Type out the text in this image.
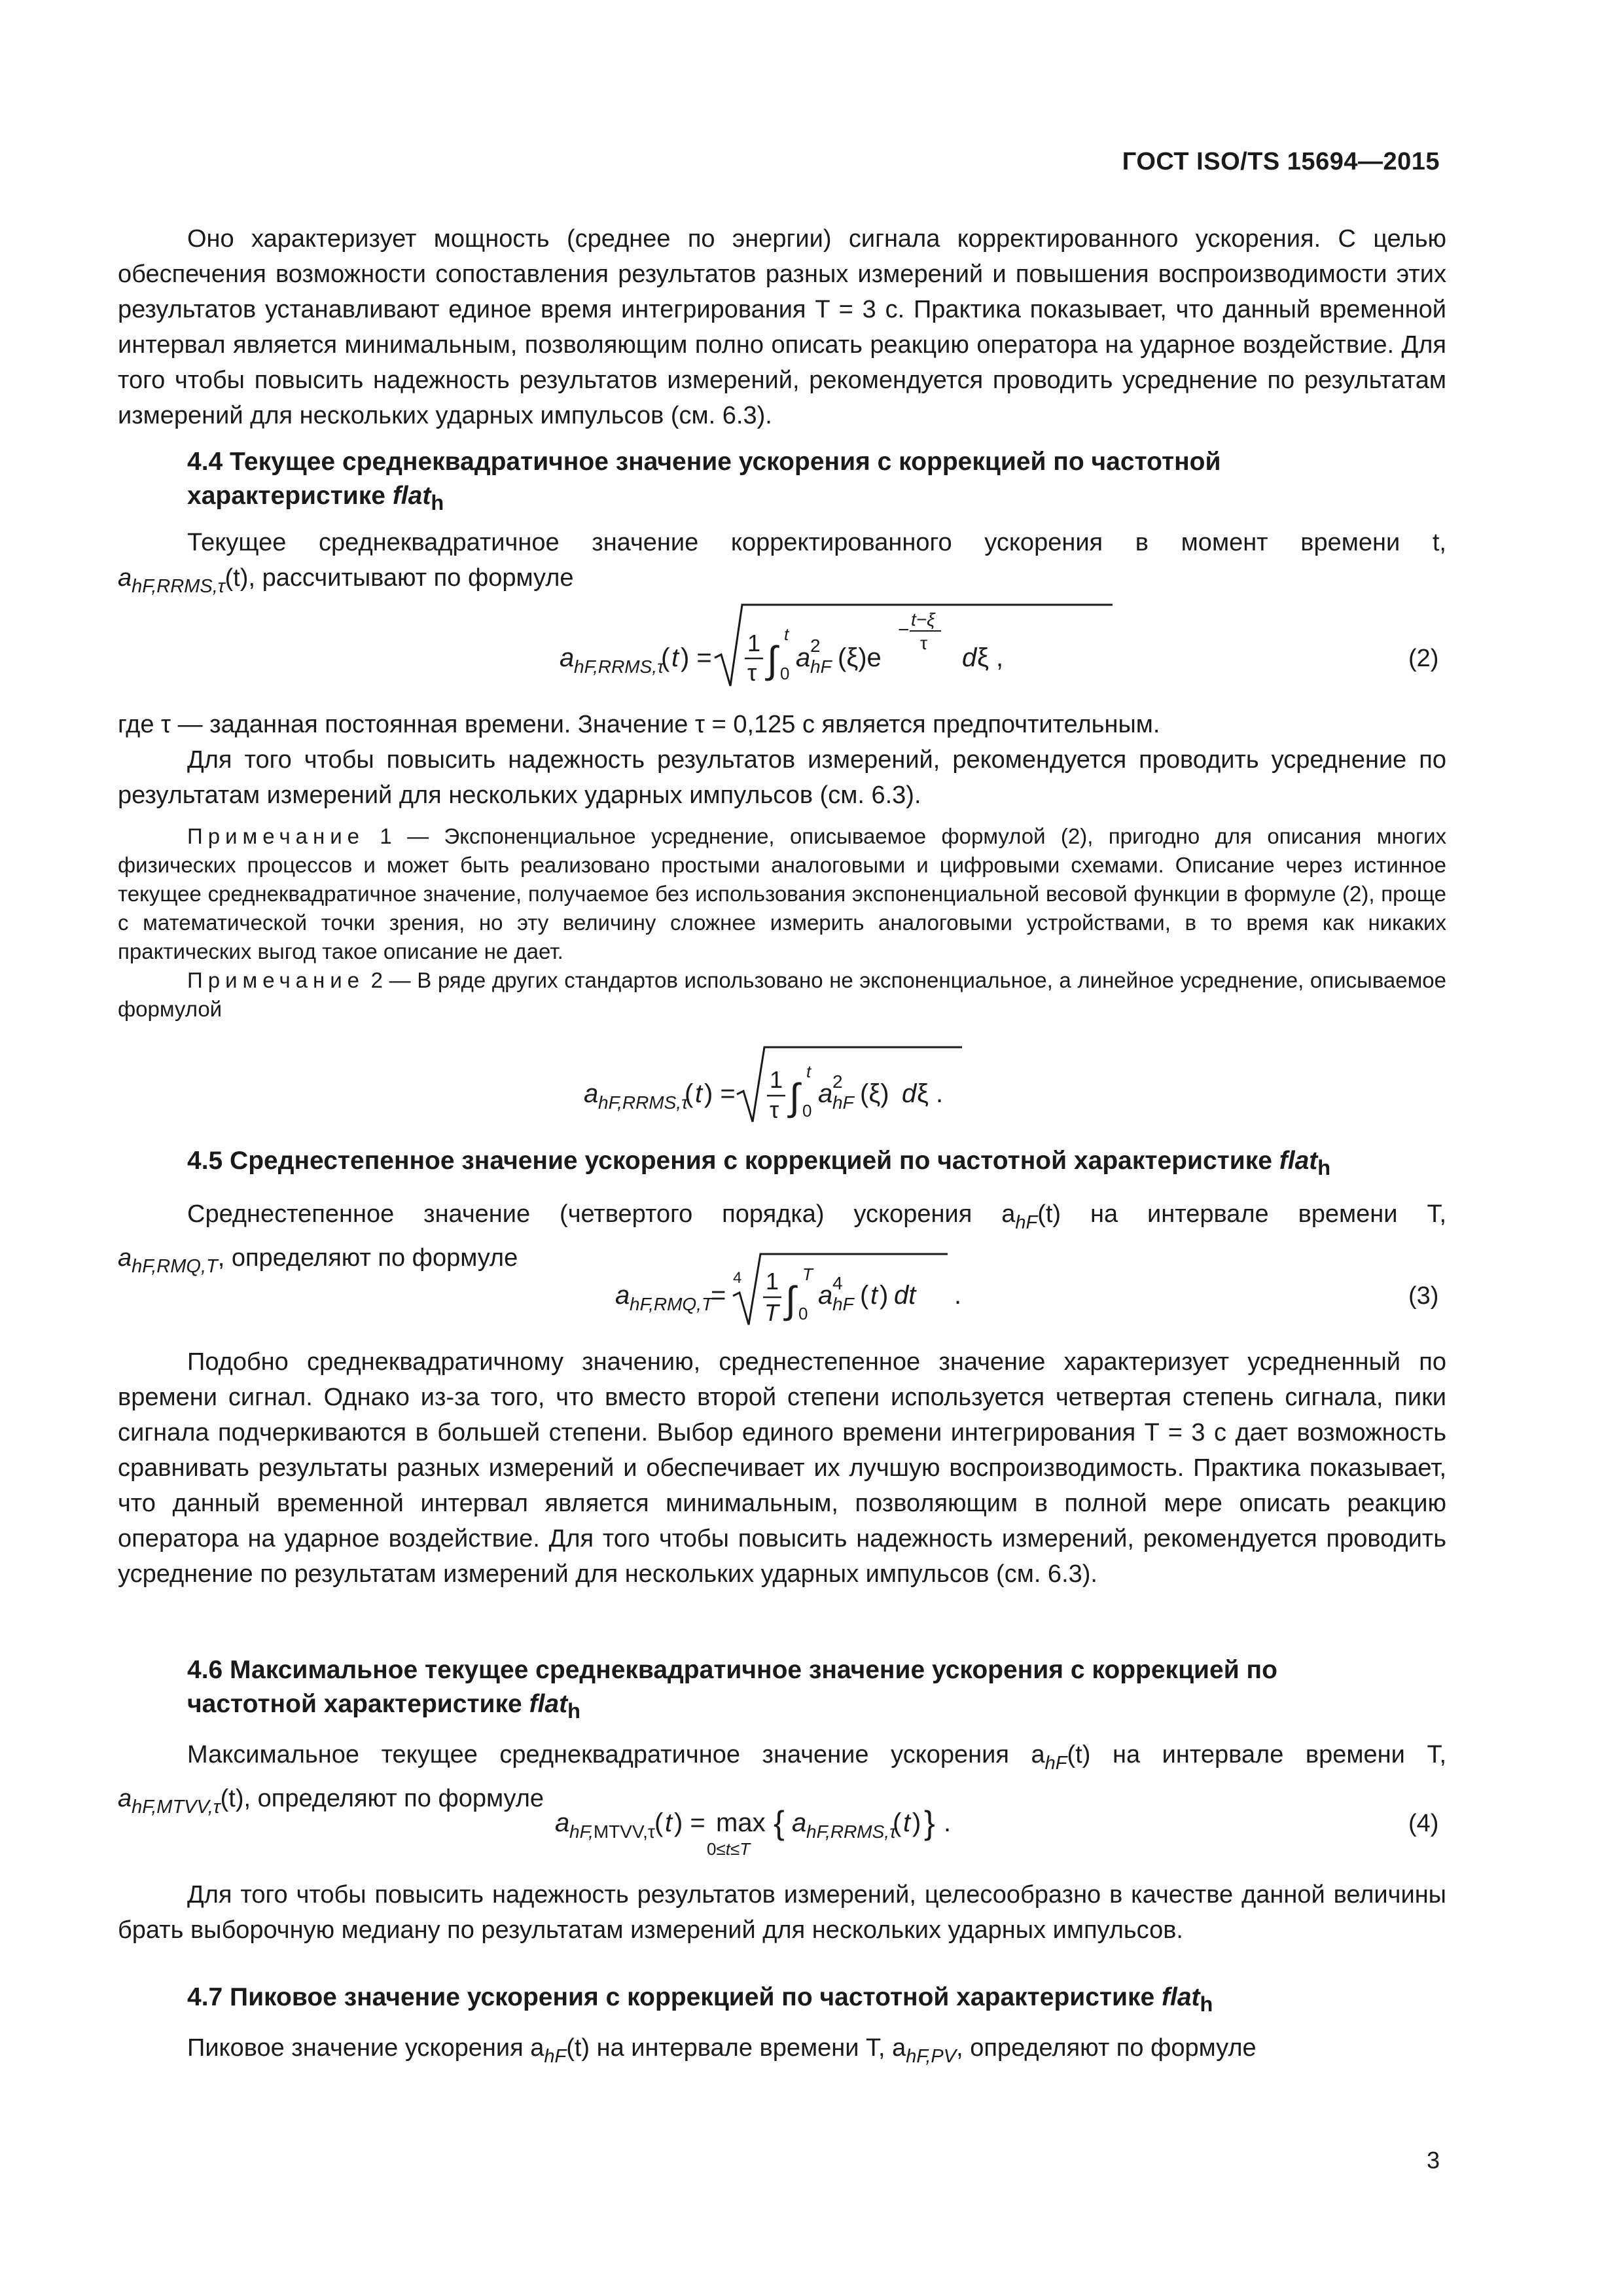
ГОСТ ISO/TS 15694—2015

Оно характеризует мощность (среднее по энергии) сигнала корректированного ускорения. С целью обеспечения возможности сопоставления результатов разных измерений и повышения воспроизводимости этих результатов устанавливают единое время интегрирования T = 3 с. Практика показывает, что данный временной интервал является минимальным, позволяющим полно описать реакцию оператора на ударное воздействие. Для того чтобы повысить надежность результатов измерений, рекомендуется проводить усреднение по результатам измерений для нескольких ударных импульсов (см. 6.3).

4.4 Текущее среднеквадратичное значение ускорения с коррекцией по частотной
характеристике flat$_h$

Текущее среднеквадратичное значение корректированного ускорения в момент времени t,

$a_{hF,RRMS,\tau}(t)$, рассчитывают по формуле

a hF,RRMS,τ
( t ) =
1
τ ∫
t
0
a 2
hF (ξ)e
− t−ξ
τ
d ξ ,	(2)

где τ — заданная постоянная времени. Значение τ = 0,125 с является предпочтительным.

Для того чтобы повысить надежность результатов измерений, рекомендуется проводить усреднение по результатам измерений для нескольких ударных импульсов (см. 6.3).

Примечание 1 — Экспоненциальное усреднение, описываемое формулой (2), пригодно для описания многих физических процессов и может быть реализовано простыми аналоговыми и цифровыми схемами. Описание через истинное текущее среднеквадратичное значение, получаемое без использования экспоненциальной весовой функции в формуле (2), проще с математической точки зрения, но эту величину сложнее измерить аналоговыми устройствами, в то время как никаких практических выгод такое описание не дает.

Примечание 2 — В ряде других стандартов использовано не экспоненциальное, а линейное усреднение, описываемое формулой

a hF,RRMS,τ
( t ) = 1
τ ∫
t
0
a 2
hF (ξ) d ξ .
4.5 Среднестепенное значение ускорения с коррекцией по частотной характеристике flat$_h$

Среднестепенное значение (четвертого порядка) ускорения $a_{hF}(t)$ на интервале времени T,

$a_{hF,RMQ,T}$, определяют по формуле

a hF,RMQ,T
=
4 1
T ∫
T
0
a 4
hF ( t ) dt .	(3)

Подобно среднеквадратичному значению, среднестепенное значение характеризует усредненный по времени сигнал. Однако из-за того, что вместо второй степени используется четвертая степень сигнала, пики сигнала подчеркиваются в большей степени. Выбор единого времени интегрирования T = 3 с дает возможность сравнивать результаты разных измерений и обеспечивает их лучшую воспроизводимость. Практика показывает, что данный временной интервал является минимальным, позволяющим в полной мере описать реакцию оператора на ударное воздействие. Для того чтобы повысить надежность измерений, рекомендуется проводить усреднение по результатам измерений для нескольких ударных импульсов (см. 6.3).

4.6 Максимальное текущее среднеквадратичное значение ускорения с коррекцией по
частотной характеристике flat$_h$

Максимальное текущее среднеквадратичное значение ускорения $a_{hF}(t)$ на интервале времени T,

$a_{hF,MTVV,\tau}(t)$, определяют по формуле

a hF,MTVV,τ ( t ) = max
0≤t≤T
{ a hF,RRMS,τ
( t ) } .	(4)

Для того чтобы повысить надежность результатов измерений, целесообразно в качестве данной величины брать выборочную медиану по результатам измерений для нескольких ударных импульсов.

4.7 Пиковое значение ускорения с коррекцией по частотной характеристике flat$_h$

Пиковое значение ускорения $a_{hF}(t)$ на интервале времени T, $a_{hF,PV}$, определяют по формуле

3
